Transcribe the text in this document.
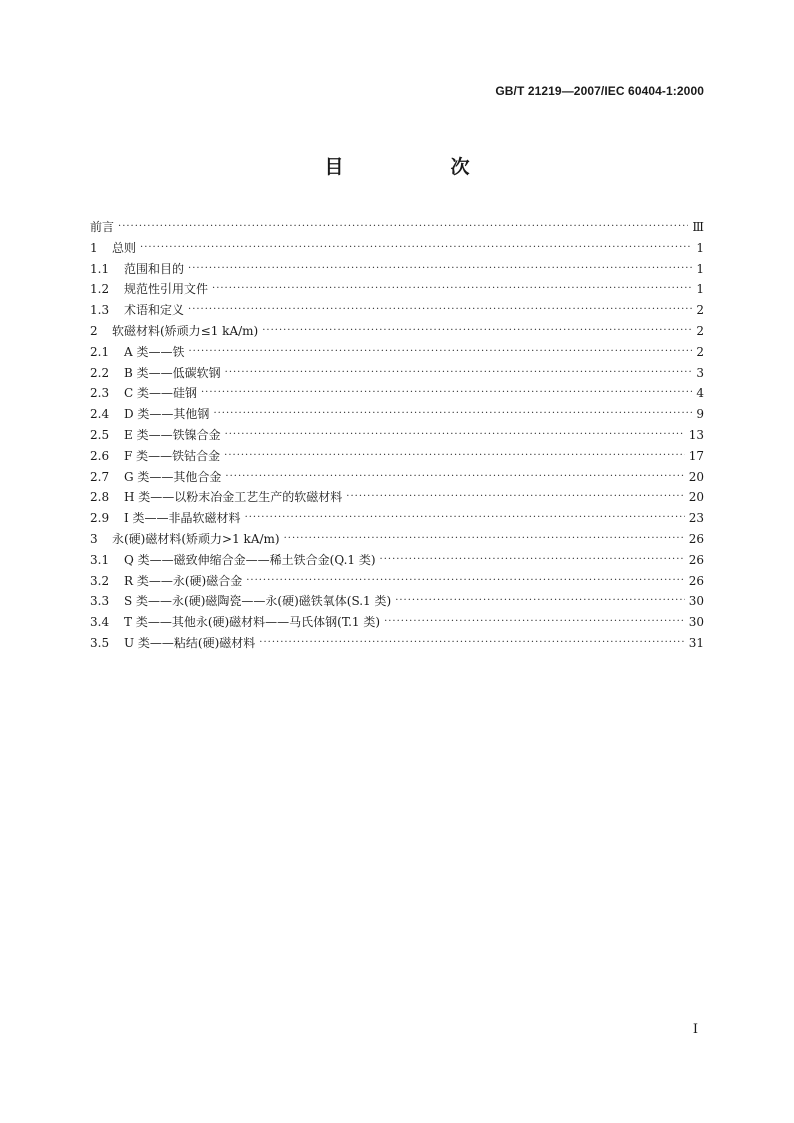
GB/T 21219—2007/IEC 60404-1:2000
目　次
前言 ·····	Ⅲ
1	总则 ·····	1
1.1	范围和目的 ·····	1
1.2	规范性引用文件 ·····	1
1.3	术语和定义 ·····	2
2	软磁材料(矫顽力≤1 kA/m) ·····	2
2.1	A 类——铁 ·····	2
2.2	B 类——低碳软钢 ·····	3
2.3	C 类——硅钢 ·····	4
2.4	D 类——其他钢 ·····	9
2.5	E 类——铁镍合金 ·····	13
2.6	F 类——铁钴合金 ·····	17
2.7	G 类——其他合金 ·····	20
2.8	H 类——以粉末冶金工艺生产的软磁材料 ·····	20
2.9	I 类——非晶软磁材料 ·····	23
3	永(硬)磁材料(矫顽力>1 kA/m) ·····	26
3.1	Q 类——磁致伸缩合金——稀土铁合金(Q.1 类) ·····	26
3.2	R 类——永(硬)磁合金 ·····	26
3.3	S 类——永(硬)磁陶瓷——永(硬)磁铁氧体(S.1 类) ·····	30
3.4	T 类——其他永(硬)磁材料——马氏体钢(T.1 类) ·····	30
3.5	U 类——粘结(硬)磁材料 ·····	31
Ⅰ
